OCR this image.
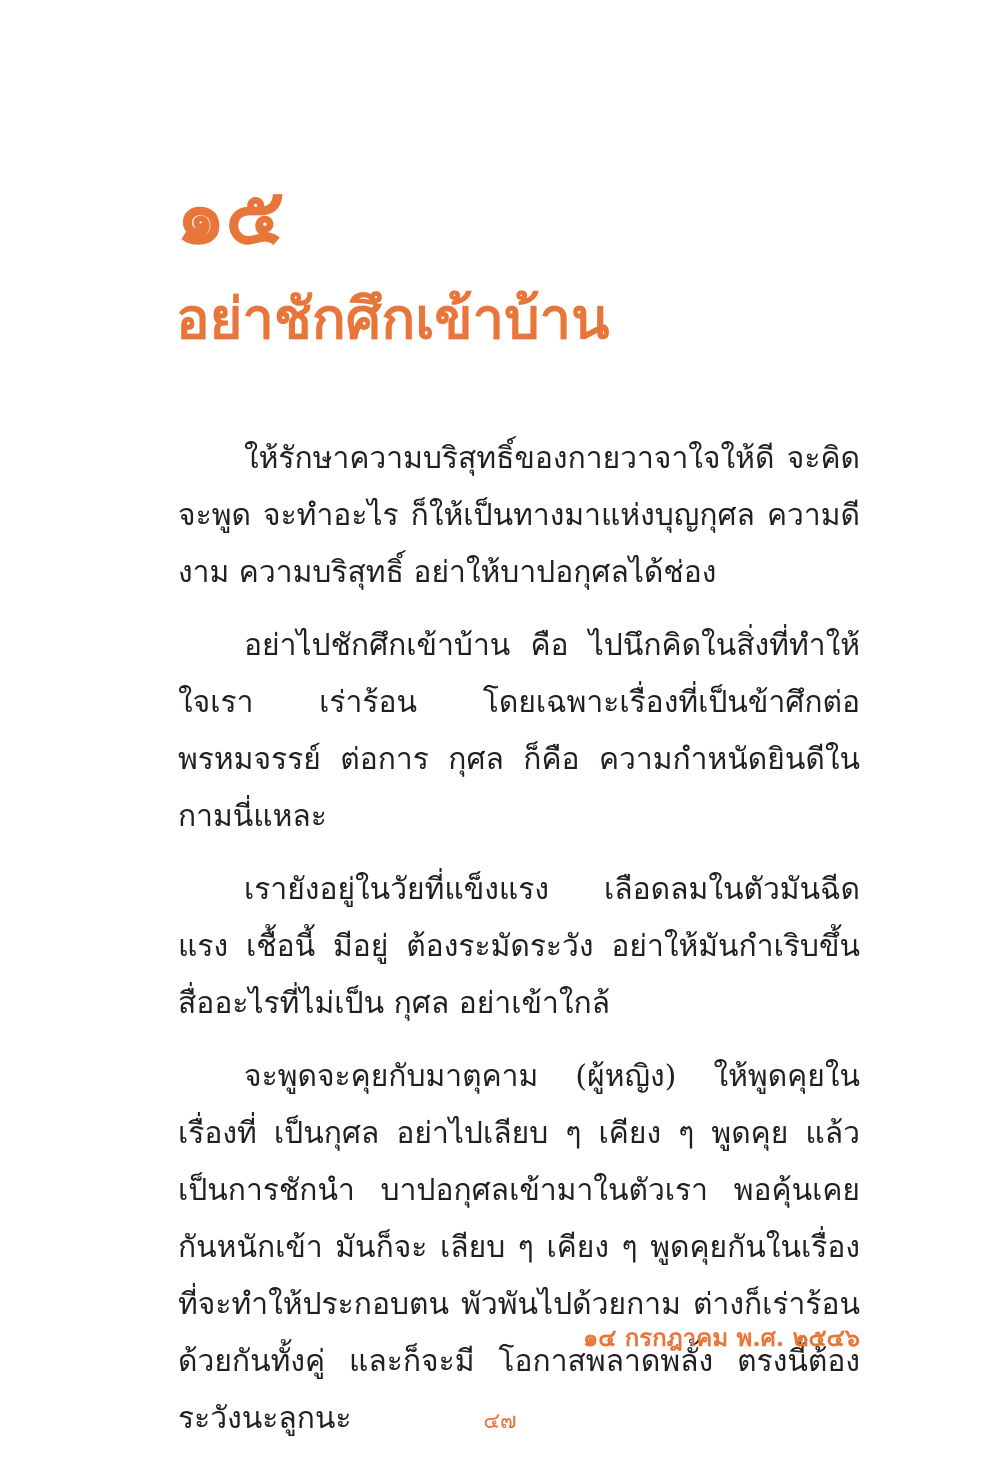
๑๕
อย่าชักศึกเข้าบ้าน

ให้รักษาความบริสุทธิ์ของกายวาจาใจให้ดี จะคิด จะพูด จะทำอะไร ก็ให้เป็นทางมาแห่งบุญกุศล ความดีงาม ความบริสุทธิ์ อย่าให้บาปอกุศลได้ช่อง

อย่าไปชักศึกเข้าบ้าน คือ ไปนึกคิดในสิ่งที่ทำให้ใจเรา เร่าร้อน โดยเฉพาะเรื่องที่เป็นข้าศึกต่อพรหมจรรย์ ต่อการ กุศล ก็คือ ความกำหนัดยินดีในกามนี่แหละ

เรายังอยู่ในวัยที่แข็งแรง เลือดลมในตัวมันฉีดแรง เชื้อนี้ มีอยู่ ต้องระมัดระวัง อย่าให้มันกำเริบขึ้น สื่ออะไรที่ไม่เป็น กุศล อย่าเข้าใกล้

จะพูดจะคุยกับมาตุคาม (ผู้หญิง) ให้พูดคุยในเรื่องที่ เป็นกุศล อย่าไปเลียบ ๆ เคียง ๆ พูดคุย แล้วเป็นการชักนำ บาปอกุศลเข้ามาในตัวเรา พอคุ้นเคยกันหนักเข้า มันก็จะ เลียบ ๆ เคียง ๆ พูดคุยกันในเรื่องที่จะทำให้ประกอบตน พัวพันไปด้วยกาม ต่างก็เร่าร้อนด้วยกันทั้งคู่ และก็จะมี โอกาสพลาดพลั้ง ตรงนี้ต้องระวังนะลูกนะ

๑๔ กรกฎาคม พ.ศ. ๒๕๔๖

๔๗
